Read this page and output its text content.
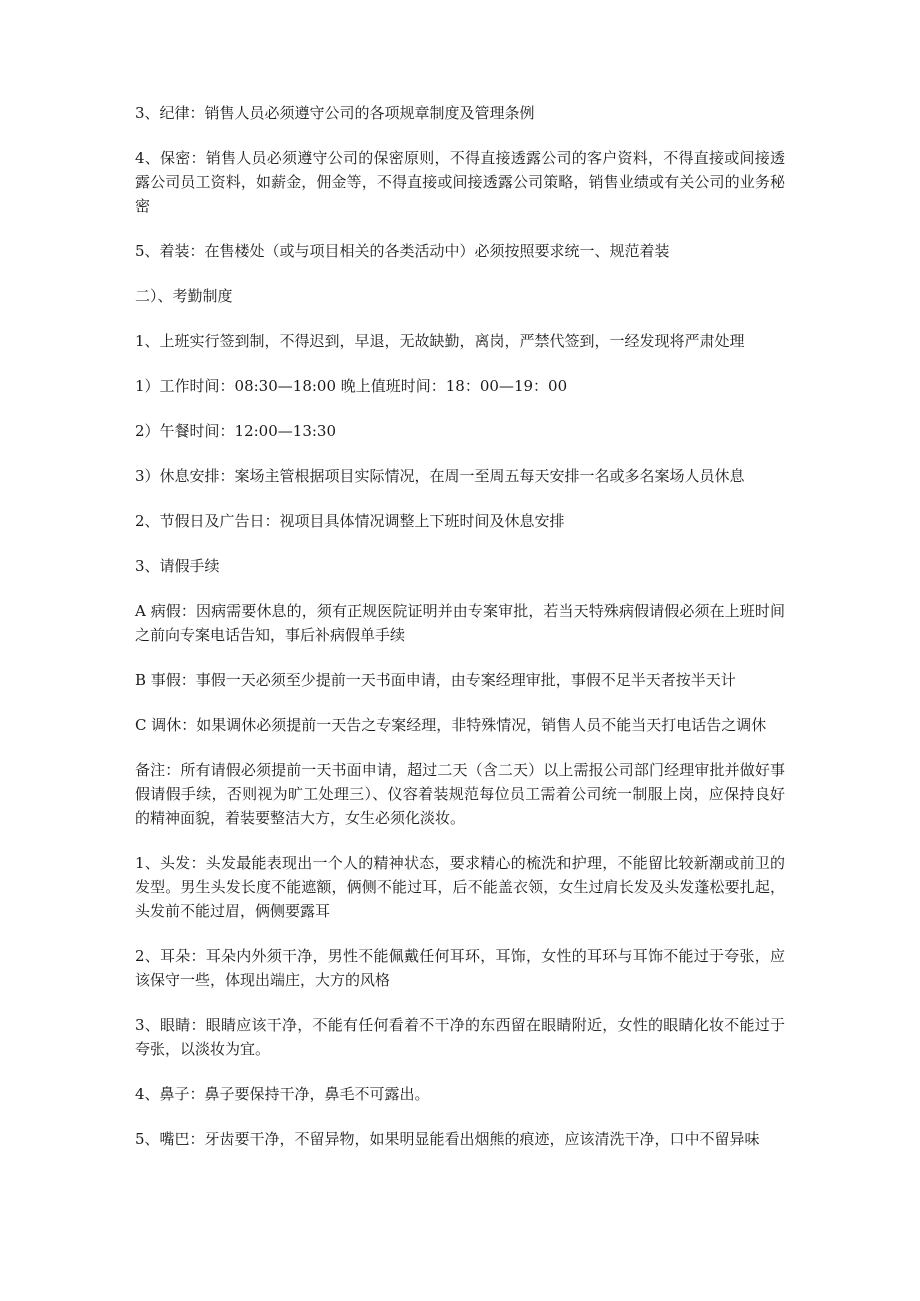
3、纪律：销售人员必须遵守公司的各项规章制度及管理条例

4、保密：销售人员必须遵守公司的保密原则，不得直接透露公司的客户资料，不得直接或间接透露公司员工资料，如薪金，佣金等，不得直接或间接透露公司策略，销售业绩或有关公司的业务秘密

5、着装：在售楼处（或与项目相关的各类活动中）必须按照要求统一、规范着装

二）、考勤制度

1、上班实行签到制，不得迟到，早退，无故缺勤，离岗，严禁代签到，一经发现将严肃处理

1）工作时间：08:30—18:00 晚上值班时间：18：00—19：00

2）午餐时间：12:00—13:30

3）休息安排：案场主管根据项目实际情况，在周一至周五每天安排一名或多名案场人员休息

2、节假日及广告日：视项目具体情况调整上下班时间及休息安排

3、请假手续

A 病假：因病需要休息的，须有正规医院证明并由专案审批，若当天特殊病假请假必须在上班时间之前向专案电话告知，事后补病假单手续

B 事假：事假一天必须至少提前一天书面申请，由专案经理审批，事假不足半天者按半天计

C 调休：如果调休必须提前一天告之专案经理，非特殊情况，销售人员不能当天打电话告之调休

备注：所有请假必须提前一天书面申请，超过二天（含二天）以上需报公司部门经理审批并做好事假请假手续，否则视为旷工处理三）、仪容着装规范每位员工需着公司统一制服上岗，应保持良好的精神面貌，着装要整洁大方，女生必须化淡妆。

1、头发：头发最能表现出一个人的精神状态，要求精心的梳洗和护理，不能留比较新潮或前卫的发型。男生头发长度不能遮额，俩侧不能过耳，后不能盖衣领，女生过肩长发及头发蓬松要扎起，头发前不能过眉，俩侧要露耳

2、耳朵：耳朵内外须干净，男性不能佩戴任何耳环，耳饰，女性的耳环与耳饰不能过于夸张，应该保守一些，体现出端庄，大方的风格

3、眼睛：眼睛应该干净，不能有任何看着不干净的东西留在眼睛附近，女性的眼睛化妆不能过于夸张，以淡妆为宜。

4、鼻子：鼻子要保持干净，鼻毛不可露出。

5、嘴巴：牙齿要干净，不留异物，如果明显能看出烟熊的痕迹，应该清洗干净，口中不留异味
